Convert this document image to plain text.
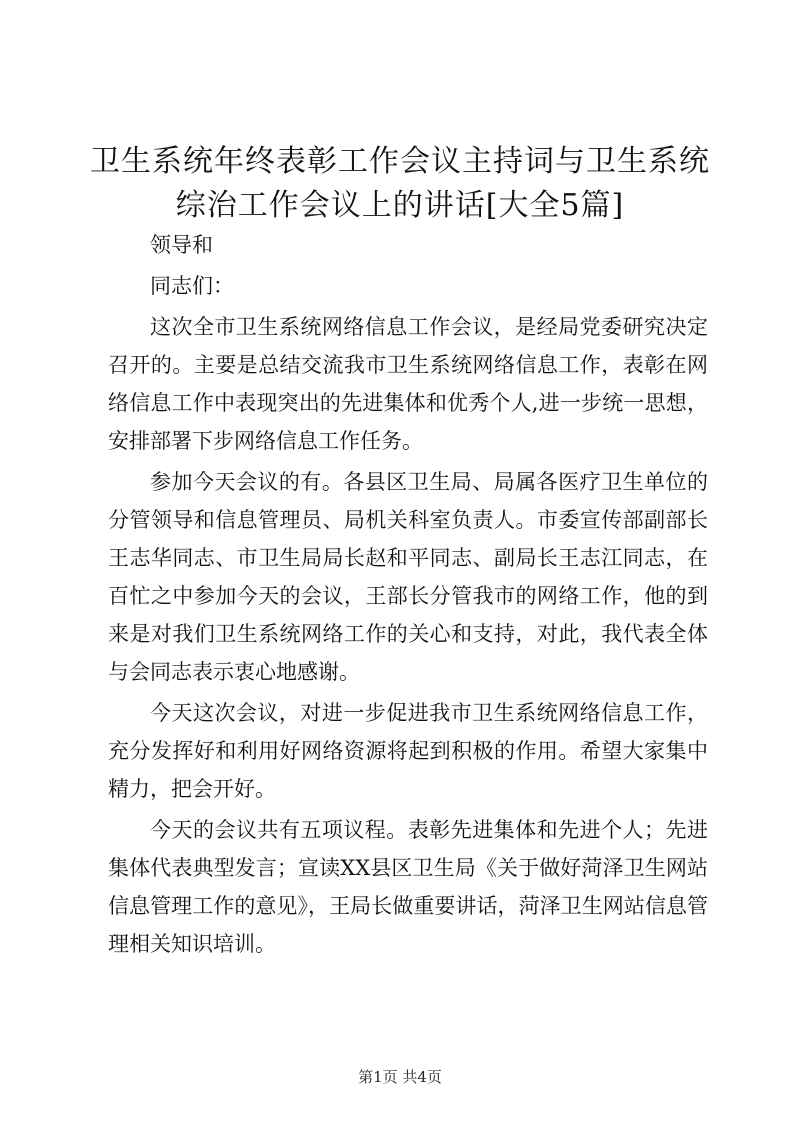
卫生系统年终表彰工作会议主持词与卫生系统综治工作会议上的讲话[大全5篇]

领导和

同志们：

这次全市卫生系统网络信息工作会议，是经局党委研究决定召开的。主要是总结交流我市卫生系统网络信息工作，表彰在网络信息工作中表现突出的先进集体和优秀个人,进一步统一思想，安排部署下步网络信息工作任务。

参加今天会议的有。各县区卫生局、局属各医疗卫生单位的分管领导和信息管理员、局机关科室负责人。市委宣传部副部长王志华同志、市卫生局局长赵和平同志、副局长王志江同志，在百忙之中参加今天的会议，王部长分管我市的网络工作，他的到来是对我们卫生系统网络工作的关心和支持，对此，我代表全体与会同志表示衷心地感谢。

今天这次会议，对进一步促进我市卫生系统网络信息工作，充分发挥好和利用好网络资源将起到积极的作用。希望大家集中精力，把会开好。

今天的会议共有五项议程。表彰先进集体和先进个人；先进集体代表典型发言；宣读XX县区卫生局《关于做好菏泽卫生网站信息管理工作的意见》，王局长做重要讲话，菏泽卫生网站信息管理相关知识培训。

第1页 共4页
